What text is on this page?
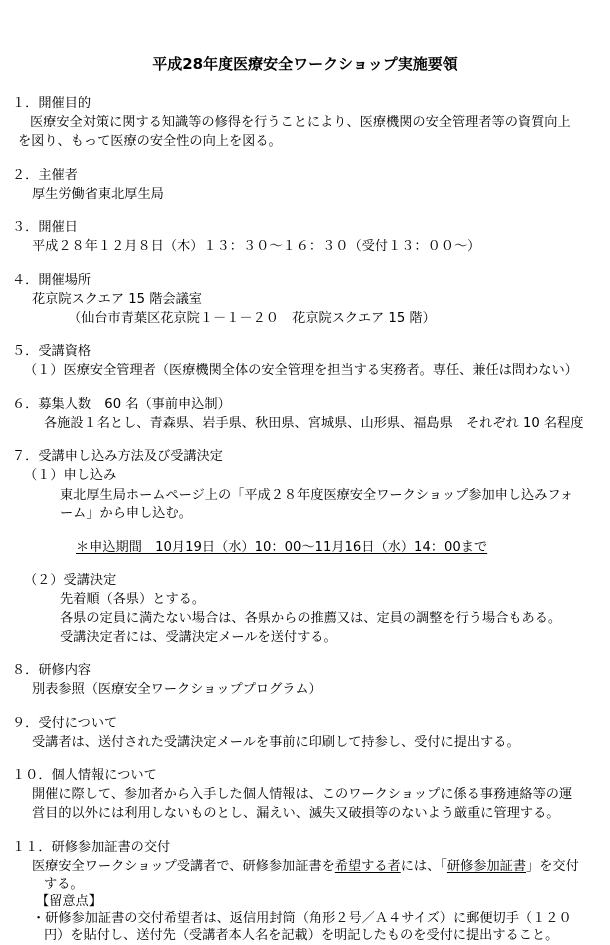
平成28年度医療安全ワークショップ実施要領
１．開催目的
医療安全対策に関する知識等の修得を行うことにより、医療機関の安全管理者等の資質向上
を図り、もって医療の安全性の向上を図る。
２．主催者
厚生労働省東北厚生局
３．開催日
平成２８年１２月８日（木）１３：３０～１６：３０（受付１３：００～）
４．開催場所
花京院スクエア 15 階会議室
（仙台市青葉区花京院１－１－２０　花京院スクエア 15 階）
５．受講資格
（１）医療安全管理者（医療機関全体の安全管理を担当する実務者。専任、兼任は問わない）
６．募集人数　60 名（事前申込制）
各施設１名とし、青森県、岩手県、秋田県、宮城県、山形県、福島県　それぞれ 10 名程度
７．受講申し込み方法及び受講決定
（１）申し込み
東北厚生局ホームページ上の「平成２８年度医療安全ワークショップ参加申し込みフォ
ーム」から申し込む。
＊申込期間　10月19日（水）10：00～11月16日（水）14：00まで
（２）受講決定
先着順（各県）とする。
各県の定員に満たない場合は、各県からの推薦又は、定員の調整を行う場合もある。
受講決定者には、受講決定メールを送付する。
８．研修内容
別表参照（医療安全ワークショッププログラム）
９．受付について
受講者は、送付された受講決定メールを事前に印刷して持参し、受付に提出する。
１０．個人情報について
開催に際して、参加者から入手した個人情報は、このワークショップに係る事務連絡等の運
営目的以外には利用しないものとし、漏えい、滅失又破損等のないよう厳重に管理する。
１１．研修参加証書の交付
医療安全ワークショップ受講者で、研修参加証書を希望する者には、「研修参加証書」を交付
する。
【留意点】
・研修参加証書の交付希望者は、返信用封筒（角形２号／Ａ４サイズ）に郵便切手（１２０
円）を貼付し、送付先（受講者本人名を記載）を明記したものを受付に提出すること。
